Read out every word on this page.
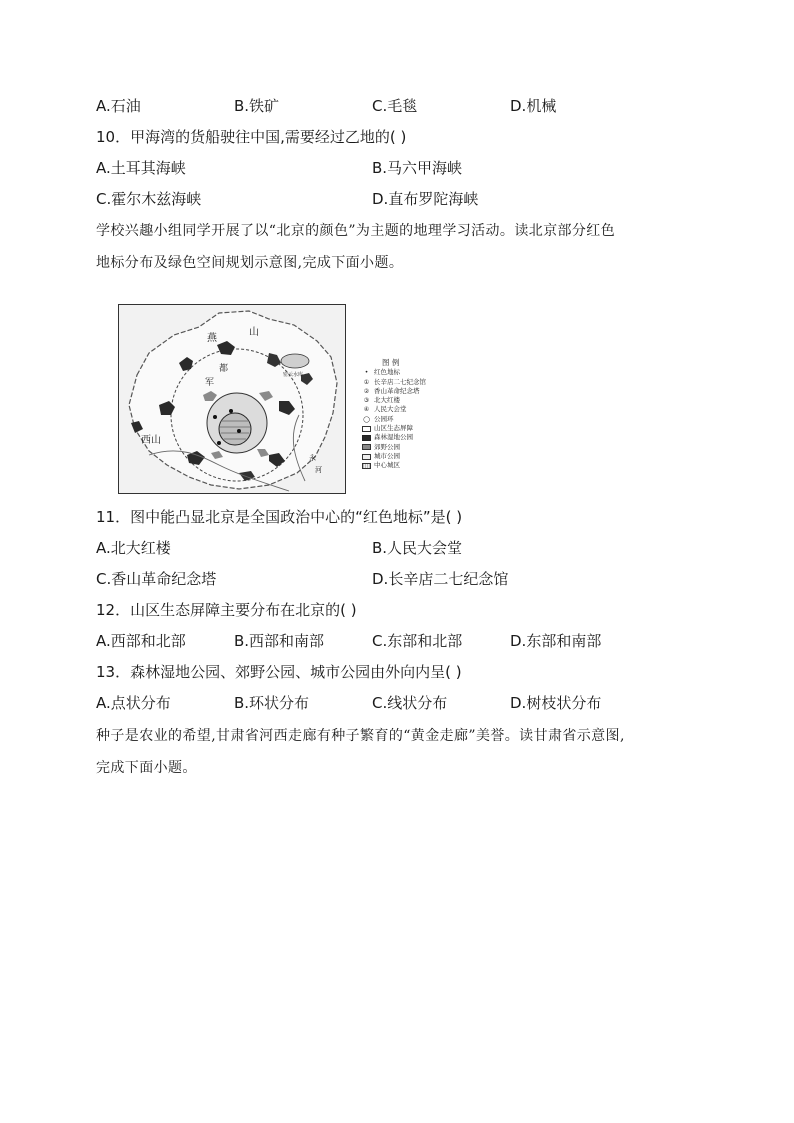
A.石油	B.铁矿	C.毛毯	D.机械
10．甲海湾的货船驶往中国,需要经过乙地的( )
A.土耳其海峡	B.马六甲海峡
C.霍尔木兹海峡	D.直布罗陀海峡
学校兴趣小组同学开展了以“北京的颜色”为主题的地理学习活动。读北京部分红色
地标分布及绿色空间规划示意图,完成下面小题。
燕
山
军
都
西山
密云水库
永
河
图 例
• 红色地标
① 长辛店二七纪念馆
② 香山革命纪念塔
③ 北大红楼
④ 人民大会堂
◯ 公园环
山区生态屏障
森林湿地公园
郊野公园
城市公园
中心城区
11．图中能凸显北京是全国政治中心的“红色地标”是( )
A.北大红楼	B.人民大会堂
C.香山革命纪念塔	D.长辛店二七纪念馆
12．山区生态屏障主要分布在北京的( )
A.西部和北部	B.西部和南部	C.东部和北部	D.东部和南部
13．森林湿地公园、郊野公园、城市公园由外向内呈( )
A.点状分布	B.环状分布	C.线状分布	D.树枝状分布
种子是农业的希望,甘肃省河西走廊有种子繁育的“黄金走廊”美誉。读甘肃省示意图,
完成下面小题。
